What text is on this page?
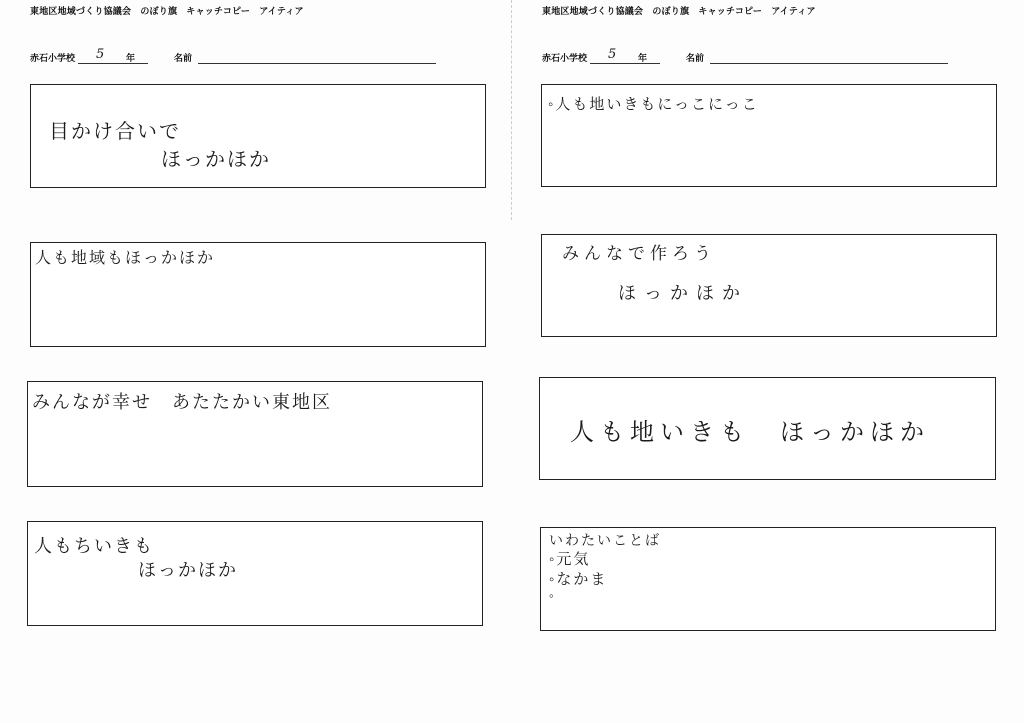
東地区地域づくり協議会　のぼり旗　キャッチコピー　アイティア
赤石小学校 5 年	名前
目かけ合いで
ほっかほか
人も地域もほっかほか
みんなが幸せ　あたたかい東地区
人もちいきも
ほっかほか
東地区地域づくり協議会　のぼり旗　キャッチコピー　アイティア
赤石小学校 5 年	名前
◦人も地いきもにっこにっこ
みんなで作ろう
ほっかほか
人も地いきも　ほっかほか
いわたいことば
◦元気
◦なかま
◦
